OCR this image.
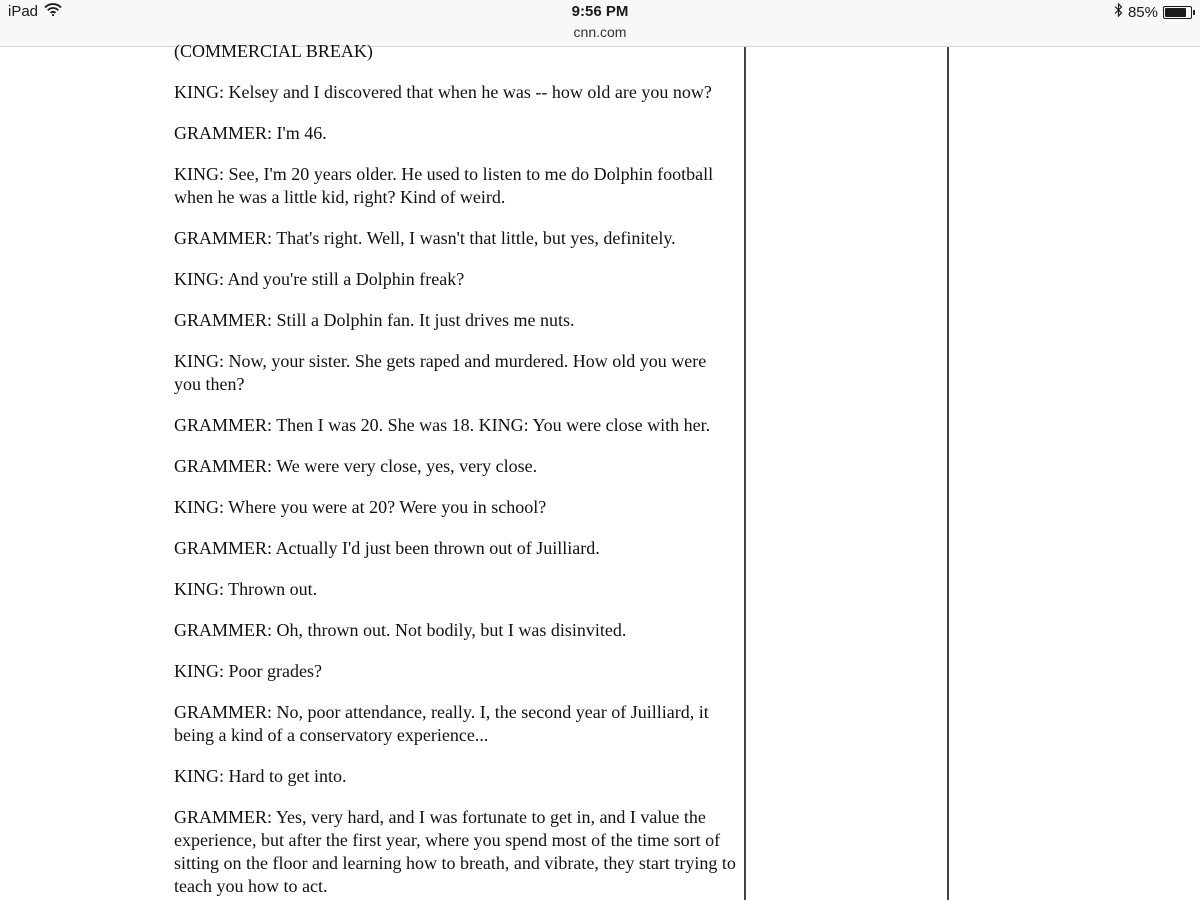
iPad	9:56 PM
cnn.com
85%

(COMMERCIAL BREAK)

KING: Kelsey and I discovered that when he was -- how old are you now?

GRAMMER: I'm 46.

KING: See, I'm 20 years older. He used to listen to me do Dolphin football when he was a little kid, right? Kind of weird.

GRAMMER: That's right. Well, I wasn't that little, but yes, definitely.

KING: And you're still a Dolphin freak?

GRAMMER: Still a Dolphin fan. It just drives me nuts.

KING: Now, your sister. She gets raped and murdered. How old you were you then?

GRAMMER: Then I was 20. She was 18. KING: You were close with her.

GRAMMER: We were very close, yes, very close.

KING: Where you were at 20? Were you in school?

GRAMMER: Actually I'd just been thrown out of Juilliard.

KING: Thrown out.

GRAMMER: Oh, thrown out. Not bodily, but I was disinvited.

KING: Poor grades?

GRAMMER: No, poor attendance, really. I, the second year of Juilliard, it being a kind of a conservatory experience...

KING: Hard to get into.

GRAMMER: Yes, very hard, and I was fortunate to get in, and I value the experience, but after the first year, where you spend most of the time sort of sitting on the floor and learning how to breath, and vibrate, they start trying to teach you how to act.
